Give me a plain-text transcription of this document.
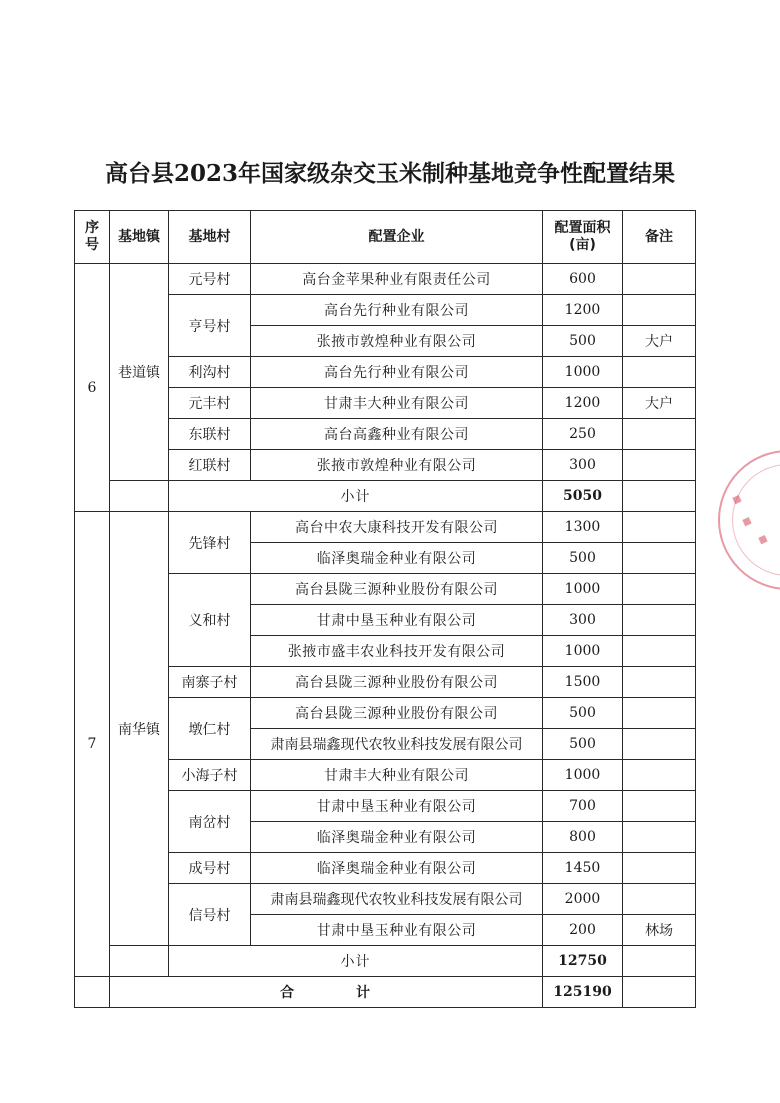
高台县2023年国家级杂交玉米制种基地竞争性配置结果
序号	基地镇	基地村	配置企业	配置面积(亩)	备注
6	巷道镇	元号村	高台金苹果种业有限责任公司	600	
		亨号村	高台先行种业有限公司	1200	
			张掖市敦煌种业有限公司	500	大户
		利沟村	高台先行种业有限公司	1000	
		元丰村	甘肃丰大种业有限公司	1200	大户
		东联村	高台高鑫种业有限公司	250	
		红联村	张掖市敦煌种业有限公司	300	
		小计		5050	
7	南华镇	先锋村	高台中农大康科技开发有限公司	1300	
			临泽奥瑞金种业有限公司	500	
		义和村	高台县陇三源种业股份有限公司	1000	
			甘肃中垦玉种业有限公司	300	
			张掖市盛丰农业科技开发有限公司	1000	
		南寨子村	高台县陇三源种业股份有限公司	1500	
		墩仁村	高台县陇三源种业股份有限公司	500	
			肃南县瑞鑫现代农牧业科技发展有限公司	500	
		小海子村	甘肃丰大种业有限公司	1000	
		南岔村	甘肃中垦玉种业有限公司	700	
			临泽奥瑞金种业有限公司	800	
		成号村	临泽奥瑞金种业有限公司	1450	
		信号村	肃南县瑞鑫现代农牧业科技发展有限公司	2000	
			甘肃中垦玉种业有限公司	200	林场
		小计		12750	
	合 计			125190	
◆
◆
◆
